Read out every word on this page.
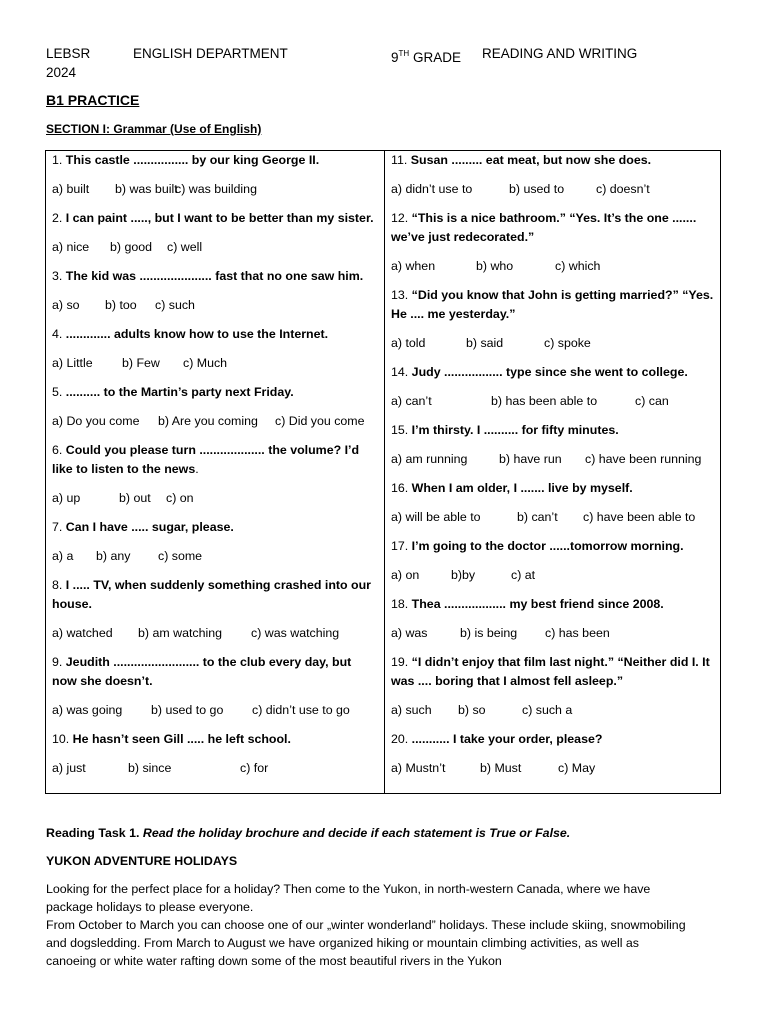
LEBSR	ENGLISH DEPARTMENT	9TH GRADE READING AND WRITING
2024
B1 PRACTICE
SECTION I: Grammar (Use of English)

1. This castle ................ by our king George II.

a) built b) was built
c) was building

2. I can paint ....., but I want to be better than my sister.

a) nice b) good c) well

3. The kid was ..................... fast that no one saw him.

a) so b) too c) such

4. ............. adults know how to use the Internet.

a) Little b) Few c) Much

5. .......... to the Martin’s party next Friday.

a) Do you come b) Are you coming c) Did you come

6. Could you please turn ................... the volume? I’d like to listen to the news.

a) up	b) out c) on

7. Can I have ..... sugar, please.

a) a b) any c) some

8. I ..... TV, when suddenly something crashed into our house.

a) watched b) am watching c) was watching

9. Jeudith ......................... to the club every day, but now she doesn’t.

a) was going b) used to go c) didn’t use to go

10. He hasn’t seen Gill ..... he left school.

a) just	b) since	c) for

11. Susan ......... eat meat, but now she does.

a) didn’t use to	b) used to	c) doesn’t

12. “This is a nice bathroom.” “Yes. It’s the one ....... we’ve just redecorated.”

a) when	b) who	c) which

13. “Did you know that John is getting married?” “Yes. He .... me yesterday.”

a) told	b) said	c) spoke

14. Judy ................. type since she went to college.

a) can’t	b) has been able to	c) can

15. I’m thirsty. I .......... for fifty minutes.

a) am running	b) have run c) have been running

16. When I am older, I ....... live by myself.

a) will be able to	b) can’t c) have been able to

17. I’m going to the doctor ......tomorrow morning.

a) on	b)by	c) at

18. Thea .................. my best friend since 2008.

a) was	b) is being c) has been

19. “I didn’t enjoy that film last night.” “Neither did I. It was .... boring that I almost fell asleep.”

a) such b) so	c) such a

20. ........... I take your order, please?

a) Mustn’t	b) Must	c) May

Reading Task 1. Read the holiday brochure and decide if each statement is True or False.

YUKON ADVENTURE HOLIDAYS

Looking for the perfect place for a holiday? Then come to the Yukon, in north-western Canada, where we have package holidays to please everyone.

From October to March you can choose one of our „winter wonderland” holidays. These include skiing, snowmobiling and dogsledding. From March to August we have organized hiking or mountain climbing activities, as well as canoeing or white water rafting down some of the most beautiful rivers in the Yukon
